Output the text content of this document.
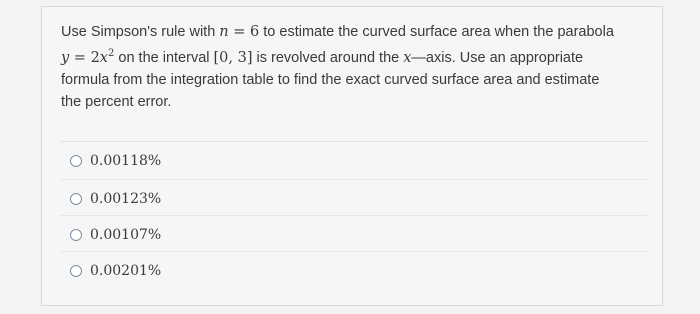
Use Simpson's rule with n = 6 to estimate the curved surface area when the parabola
$y = 2x^2$ on the interval [0, 3] is revolved around the x—axis. Use an appropriate
formula from the integration table to find the exact curved surface area and estimate
the percent error.
0.00118%
0.00123%
0.00107%
0.00201%
